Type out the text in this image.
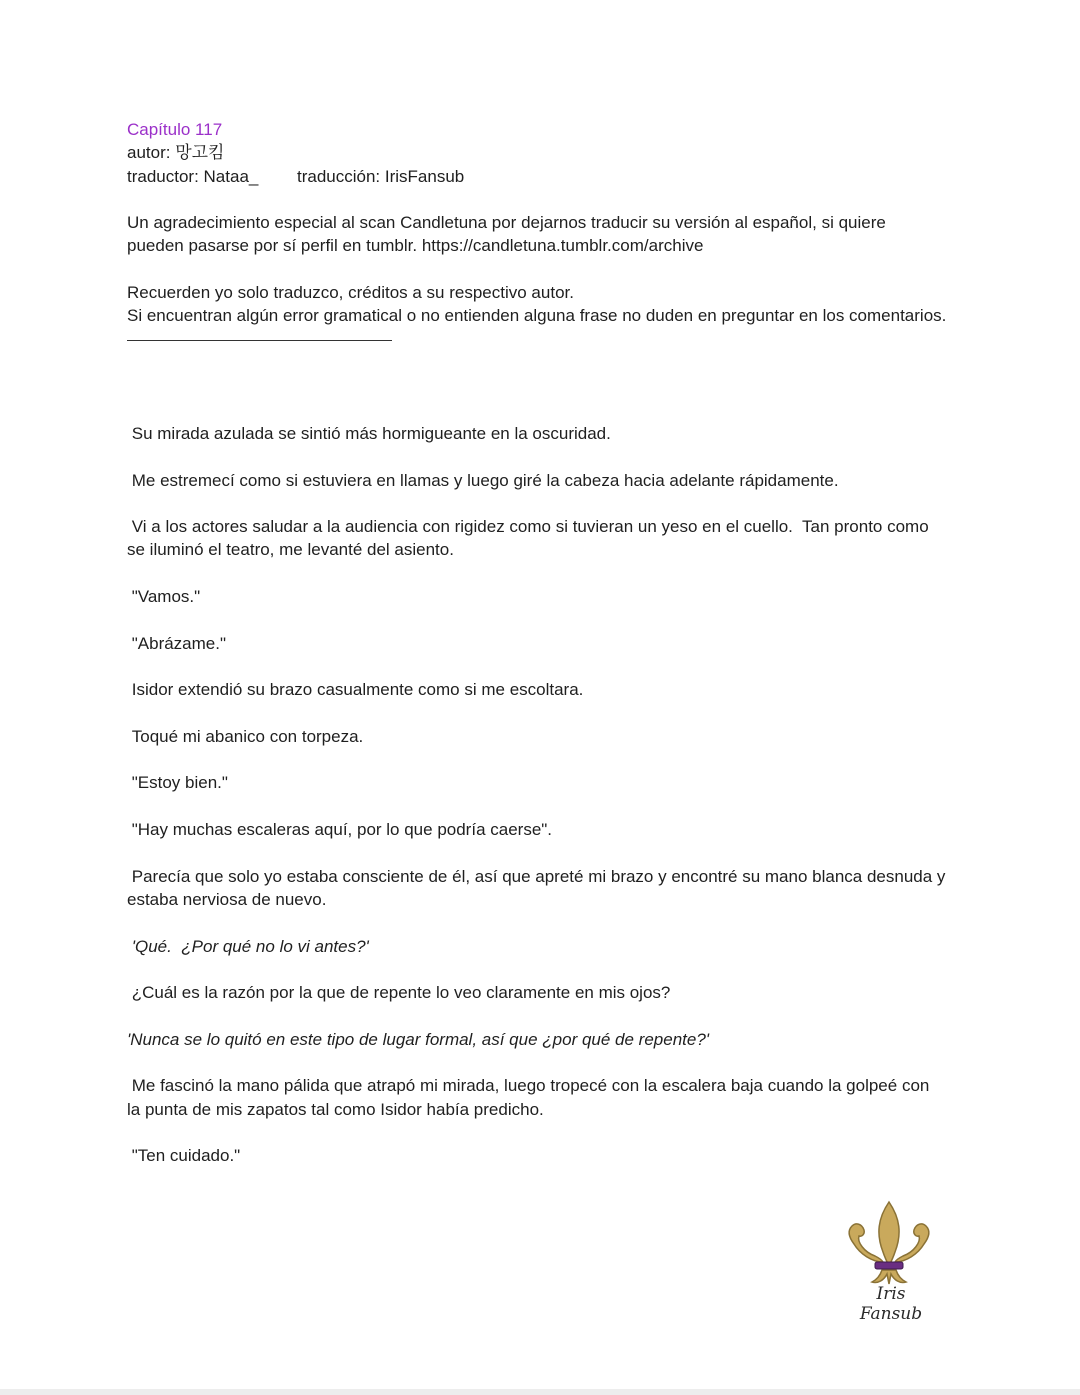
Capítulo 117
autor: 망고킴
traductor: Nataa_ traducción: IrisFansub
Un agradecimiento especial al scan Candletuna por dejarnos traducir su versión al español, si quiere pueden pasarse por sí perfil en tumblr. https://candletuna.tumblr.com/archive
Recuerden yo solo traduzco, créditos a su respectivo autor.
Si encuentran algún error gramatical o no entienden alguna frase no duden en preguntar en los comentarios.

Su mirada azulada se sintió más hormigueante en la oscuridad.

Me estremecí como si estuviera en llamas y luego giré la cabeza hacia adelante rápidamente.

Vi a los actores saludar a la audiencia con rigidez como si tuvieran un yeso en el cuello.  Tan pronto como se iluminó el teatro, me levanté del asiento.

"Vamos."

"Abrázame."

Isidor extendió su brazo casualmente como si me escoltara.

Toqué mi abanico con torpeza.

"Estoy bien."

"Hay muchas escaleras aquí, por lo que podría caerse".

Parecía que solo yo estaba consciente de él, así que apreté mi brazo y encontré su mano blanca desnuda y estaba nerviosa de nuevo.

'Qué.  ¿Por qué no lo vi antes?'

¿Cuál es la razón por la que de repente lo veo claramente en mis ojos?

'Nunca se lo quitó en este tipo de lugar formal, así que ¿por qué de repente?'

Me fascinó la mano pálida que atrapó mi mirada, luego tropecé con la escalera baja cuando la golpeé con la punta de mis zapatos tal como Isidor había predicho.

"Ten cuidado."

Iris Fansub
